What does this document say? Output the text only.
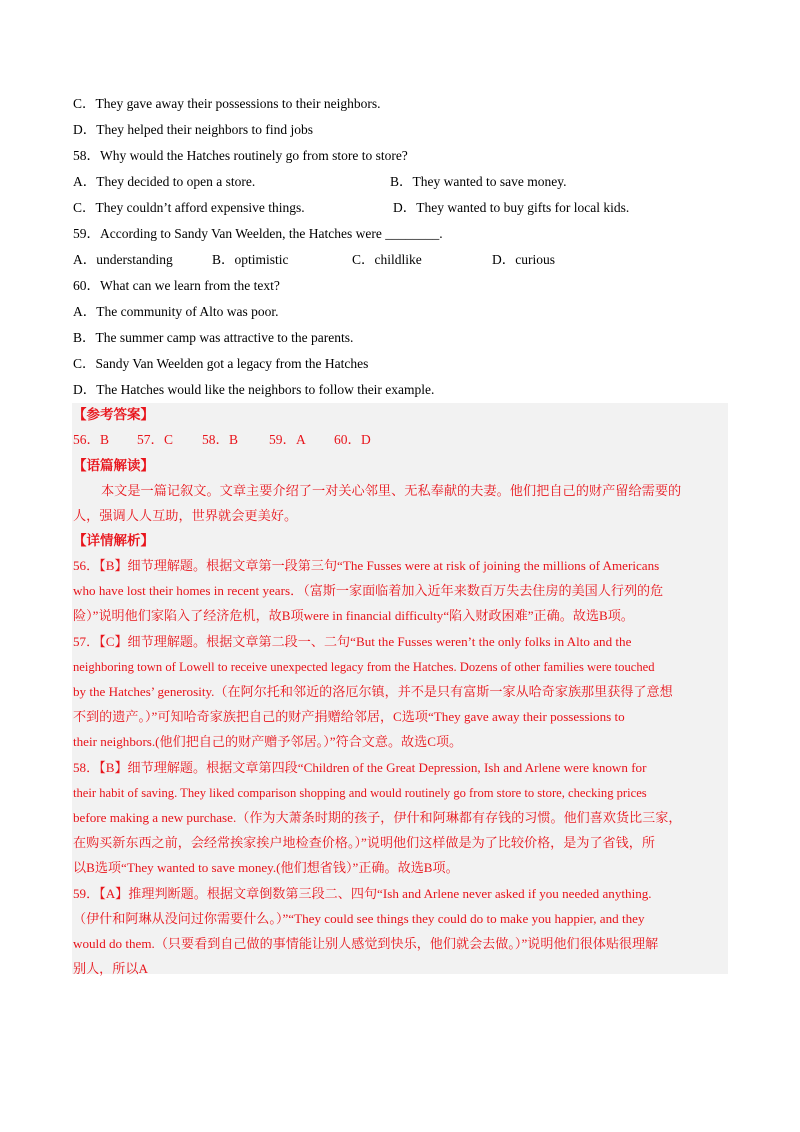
C．They gave away their possessions to their neighbors.
D．They helped their neighbors to find jobs
58．Why would the Hatches routinely go from store to store?
A．They decided to open a store.	B．They wanted to save money.
C．They couldn’t afford expensive things.	D．They wanted to buy gifts for local kids.
59．According to Sandy Van Weelden, the Hatches were ________.
A．understanding	B．optimistic	C．childlike	D．curious
60．What can we learn from the text?
A．The community of Alto was poor.
B．The summer camp was attractive to the parents.
C．Sandy Van Weelden got a legacy from the Hatches
D．The Hatches would like the neighbors to follow their example.
【参考答案】
56．B 57．C 58．B 59．A 60．D
【语篇解读】
本文是一篇记叙文。文章主要介绍了一对关心邻里、无私奉献的夫妻。他们把自己的财产留给需要的
人，强调人人互助，世界就会更美好。
【详情解析】
56．【B】细节理解题。根据文章第一段第三句“The Fusses were at risk of joining the millions of Americans
who have lost their homes in recent years．（富斯一家面临着加入近年来数百万失去住房的美国人行列的危
险）”说明他们家陷入了经济危机，故B项were in financial difficulty“陷入财政困难”正确。故选B项。
57．【C】细节理解题。根据文章第二段一、二句“But the Fusses weren’t the only folks in Alto and the
neighboring town of Lowell to receive unexpected legacy from the Hatches. Dozens of other families were touched
by the Hatches’ generosity.（在阿尔托和邻近的洛厄尔镇，并不是只有富斯一家从哈奇家族那里获得了意想
不到的遗产。）”可知哈奇家族把自己的财产捐赠给邻居，C选项“They gave away their possessions to
their neighbors.(他们把自己的财产赠予邻居。）”符合文意。故选C项。
58．【B】细节理解题。根据文章第四段“Children of the Great Depression, Ish and Arlene were known for
their habit of saving. They liked comparison shopping and would routinely go from store to store, checking prices
before making a new purchase.（作为大萧条时期的孩子，伊什和阿琳都有存钱的习惯。他们喜欢货比三家，
在购买新东西之前，会经常挨家挨户地检查价格。）”说明他们这样做是为了比较价格，是为了省钱，所
以B选项“They wanted to save money.(他们想省钱）”正确。故选B项。
59．【A】推理判断题。根据文章倒数第三段二、四句“Ish and Arlene never asked if you needed anything.
（伊什和阿琳从没问过你需要什么。）”“They could see things they could do to make you happier, and they
would do them.（只要看到自己做的事情能让别人感觉到快乐，他们就会去做。）”说明他们很体贴很理解
别人，所以A
